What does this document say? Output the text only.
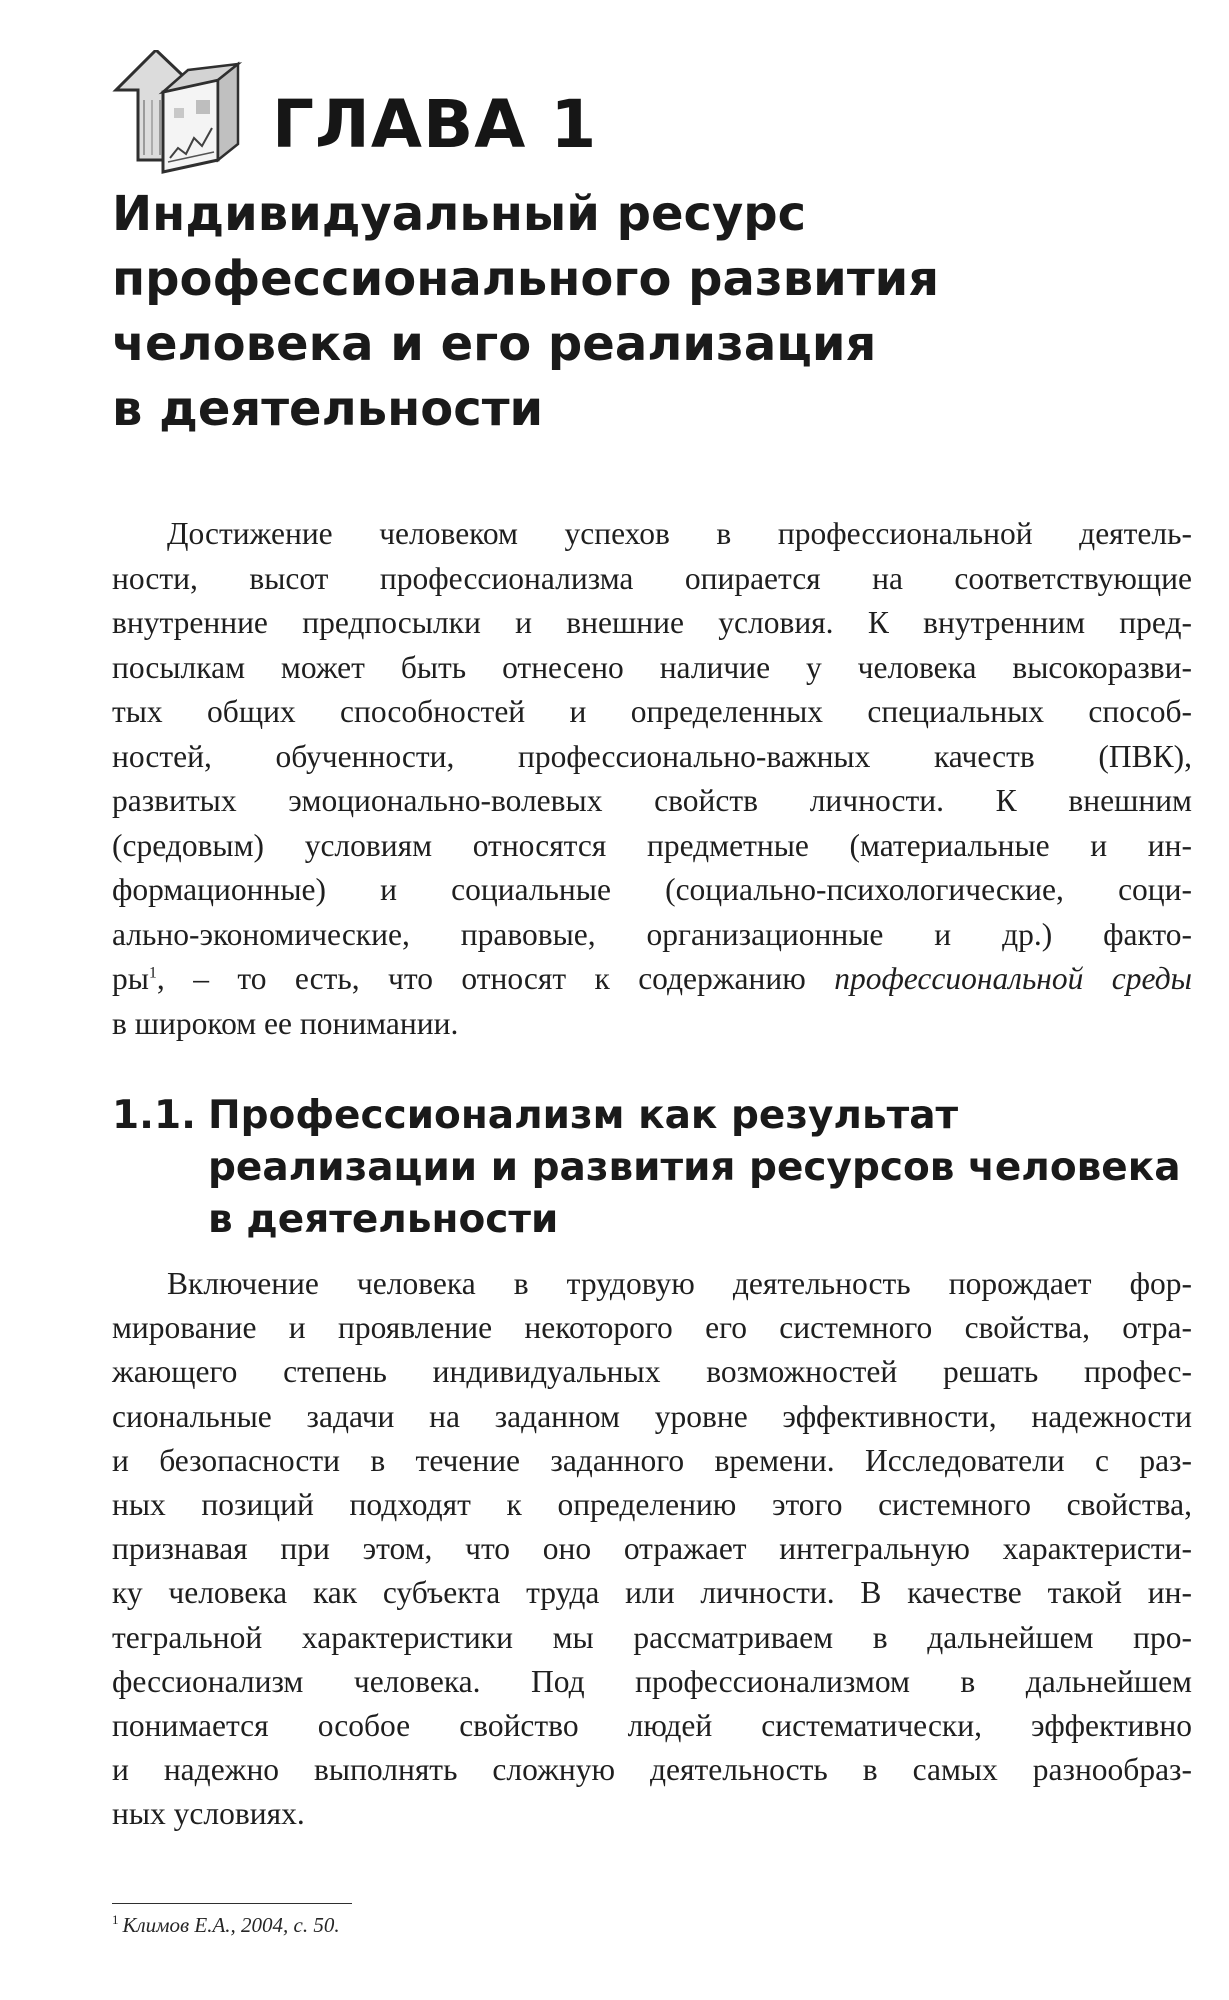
ГЛАВА 1
Индивидуальный ресурс
профессионального развития
человека и его реализация
в деятельности
Достижение человеком успехов в профессиональной деятель-
ности, высот профессионализма опирается на соответствующие
внутренние предпосылки и внешние условия. К внутренним пред-
посылкам может быть отнесено наличие у человека высокоразви-
тых общих способностей и определенных специальных способ-
ностей, обученности, профессионально-важных качеств (ПВК),
развитых эмоционально-волевых свойств личности. К внешним
(средовым) условиям относятся предметные (материальные и ин-
формационные) и социальные (социально-психологические, соци-
ально-экономические, правовые, организационные и др.) факто-
ры$^1$, – то есть, что относят к содержанию профессиональной среды
в широком ее понимании.
1.1. Профессионализм как результат
реализации и развития ресурсов человека
в деятельности
Включение человека в трудовую деятельность порождает фор-
мирование и проявление некоторого его системного свойства, отра-
жающего степень индивидуальных возможностей решать профес-
сиональные задачи на заданном уровне эффективности, надежности
и безопасности в течение заданного времени. Исследователи с раз-
ных позиций подходят к определению этого системного свойства,
признавая при этом, что оно отражает интегральную характеристи-
ку человека как субъекта труда или личности. В качестве такой ин-
тегральной характеристики мы рассматриваем в дальнейшем про-
фессионализм человека. Под профессионализмом в дальнейшем
понимается особое свойство людей систематически, эффективно
и надежно выполнять сложную деятельность в самых разнообраз-
ных условиях.
$^1$ Климов Е.А., 2004, с. 50.
